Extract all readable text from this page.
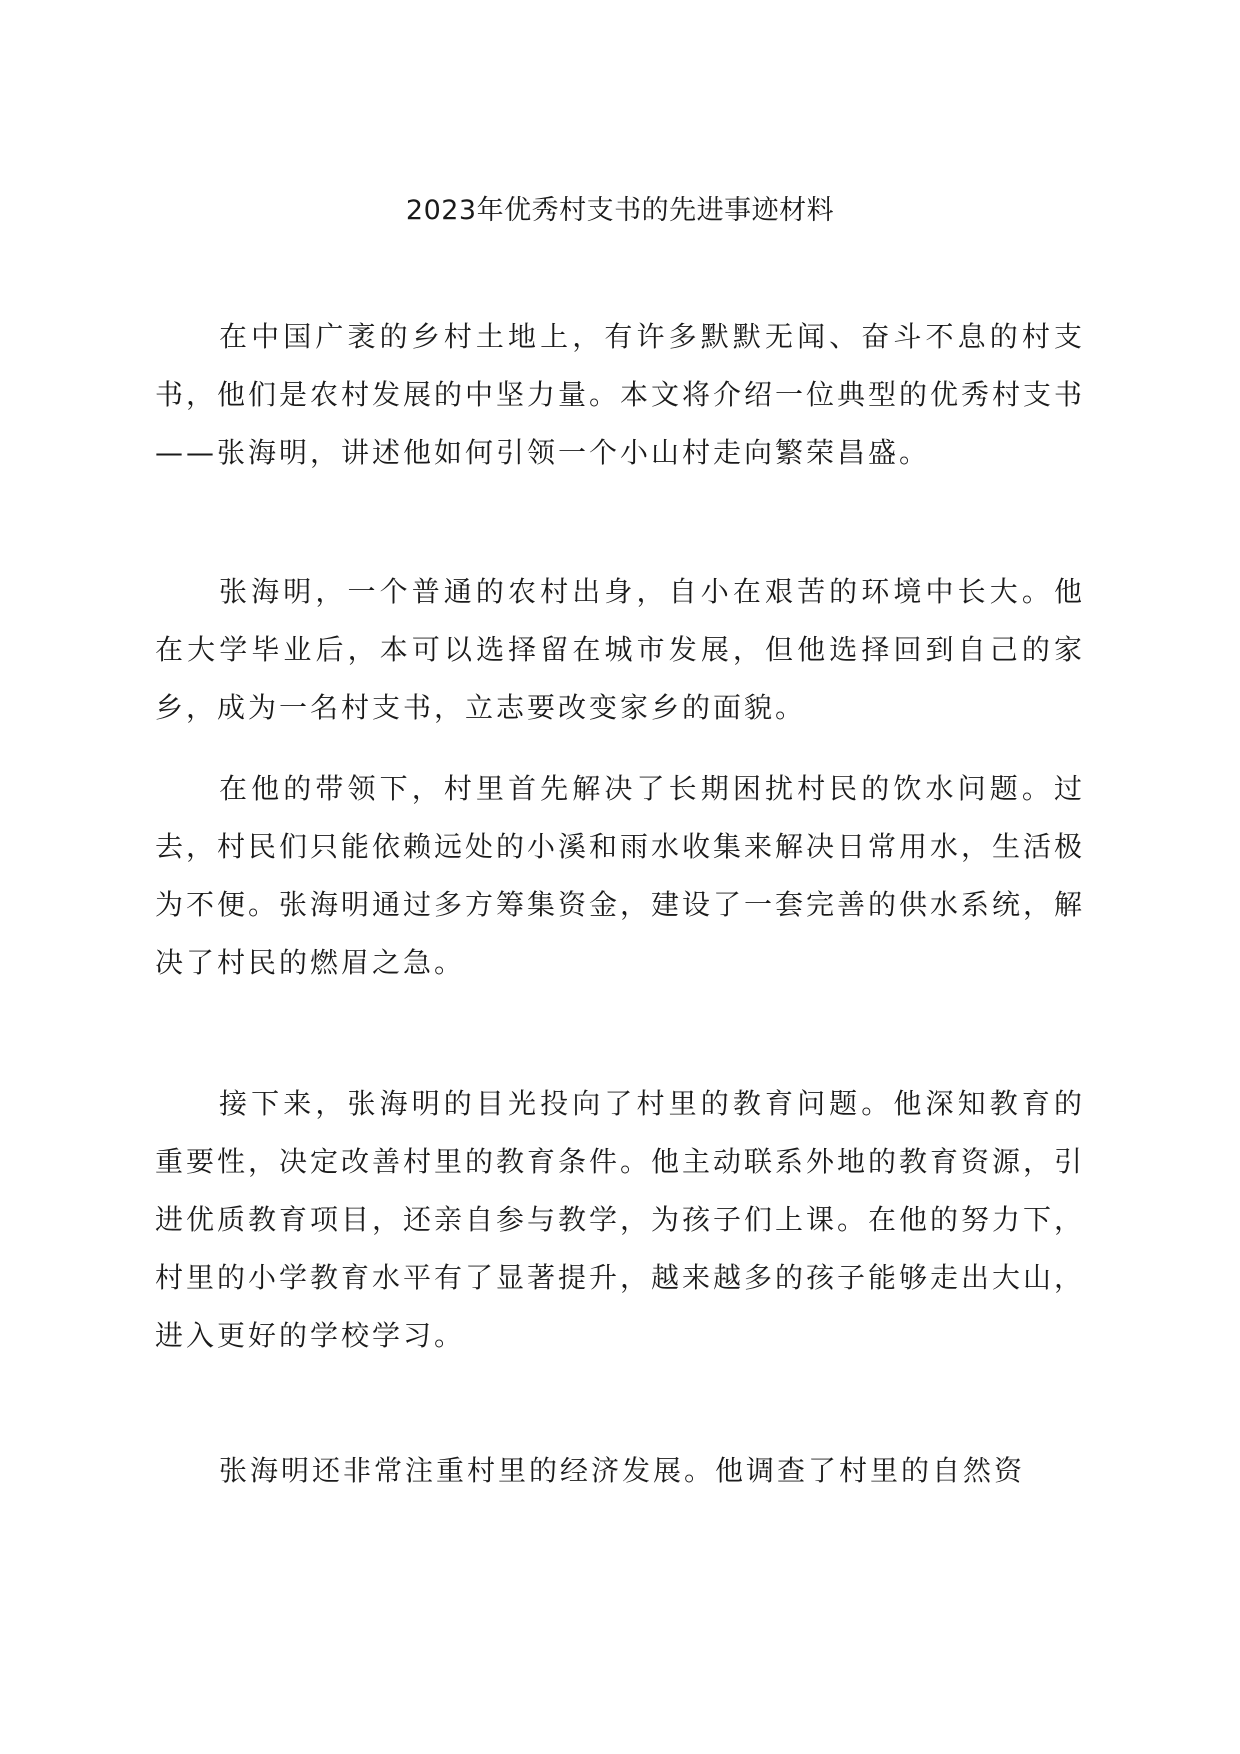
2023年优秀村支书的先进事迹材料

在中国广袤的乡村土地上，有许多默默无闻、奋斗不息的村支书，他们是农村发展的中坚力量。本文将介绍一位典型的优秀村支书——张海明，讲述他如何引领一个小山村走向繁荣昌盛。

张海明，一个普通的农村出身，自小在艰苦的环境中长大。他在大学毕业后，本可以选择留在城市发展，但他选择回到自己的家乡，成为一名村支书，立志要改变家乡的面貌。

在他的带领下，村里首先解决了长期困扰村民的饮水问题。过去，村民们只能依赖远处的小溪和雨水收集来解决日常用水，生活极为不便。张海明通过多方筹集资金，建设了一套完善的供水系统，解决了村民的燃眉之急。

接下来，张海明的目光投向了村里的教育问题。他深知教育的重要性，决定改善村里的教育条件。他主动联系外地的教育资源，引进优质教育项目，还亲自参与教学，为孩子们上课。在他的努力下，村里的小学教育水平有了显著提升，越来越多的孩子能够走出大山，进入更好的学校学习。

张海明还非常注重村里的经济发展。他调查了村里的自然资
